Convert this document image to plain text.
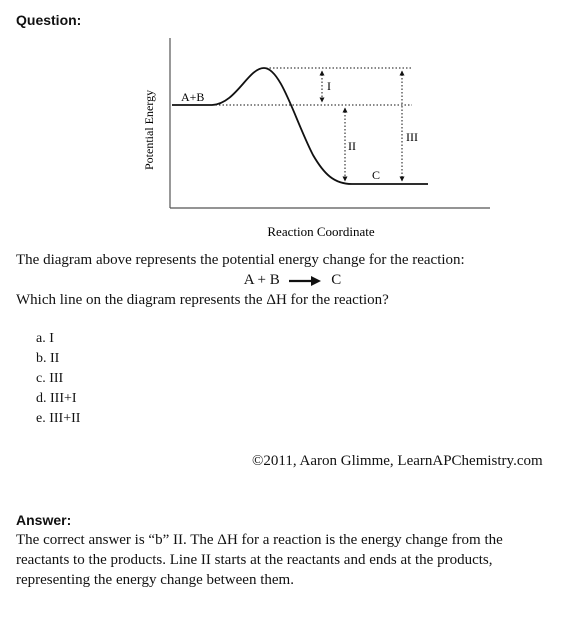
Question:
A+B
I
II
III
C
Potential Energy
Reaction Coordinate
The diagram above represents the potential energy change for the reaction:
A + B → C
Which line on the diagram represents the ΔH for the reaction?
a. I
b. II
c. III
d. III+I
e. III+II
©2011, Aaron Glimme, LearnAPChemistry.com
Answer:
The correct answer is “b” II. The ΔH for a reaction is the energy change from the
reactants to the products. Line II starts at the reactants and ends at the products,
representing the energy change between them.
